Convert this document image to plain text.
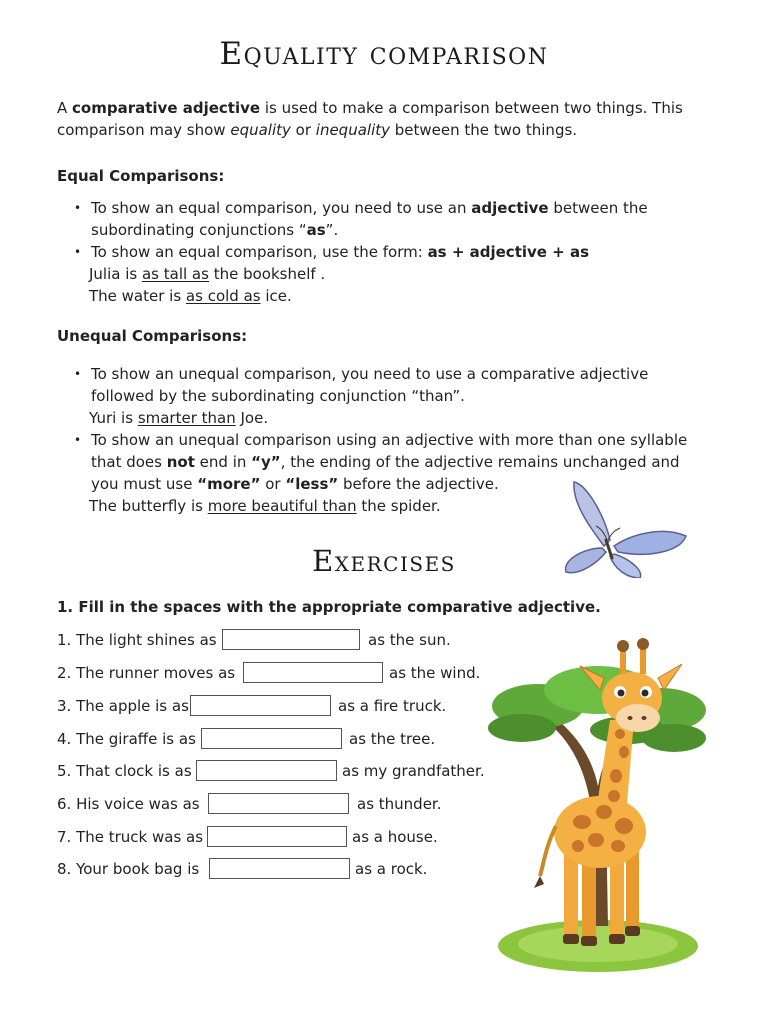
Equality comparison
A comparative adjective is used to make a comparison between two things. This comparison may show equality or inequality between the two things.
Equal Comparisons:
• To show an equal comparison, you need to use an adjective between the subordinating conjunctions “as”.
• To show an equal comparison, use the form: as + adjective + as
Julia is as tall as the bookshelf .
The water is as cold as ice.
Unequal Comparisons:
• To show an unequal comparison, you need to use a comparative adjective followed by the subordinating conjunction “than”.
Yuri is smarter than Joe.
• To show an unequal comparison using an adjective with more than one syllable that does not end in “y”, the ending of the adjective remains unchanged and you must use “more” or “less” before the adjective.
The butterfly is more beautiful than the spider.
Exercises
1. Fill in the spaces with the appropriate comparative adjective.
1. The light shines as	as the sun.
2. The runner moves as	as the wind.
3. The apple is as	as a fire truck.
4. The giraffe is as	as the tree.
5. That clock is as	as my grandfather.
6. His voice was as	as thunder.
7. The truck was as	as a house.
8. Your book bag is	as a rock.
